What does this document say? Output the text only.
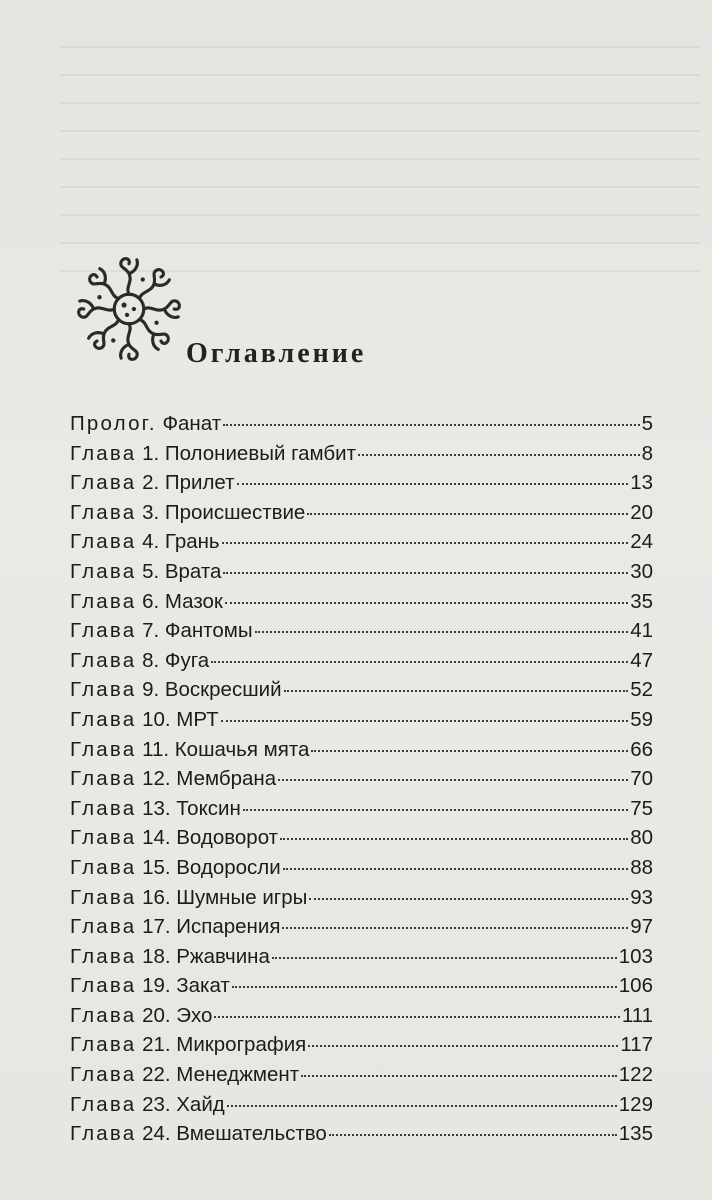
Оглавление
Пролог. Фанат	5
Глава 1. Полониевый гамбит	8
Глава 2. Прилет	13
Глава 3. Происшествие	20
Глава 4. Грань	24
Глава 5. Врата	30
Глава 6. Мазок	35
Глава 7. Фантомы	41
Глава 8. Фуга	47
Глава 9. Воскресший	52
Глава 10. МРТ	59
Глава 11. Кошачья мята	66
Глава 12. Мембрана	70
Глава 13. Токсин	75
Глава 14. Водоворот	80
Глава 15. Водоросли	88
Глава 16. Шумные игры	93
Глава 17. Испарения	97
Глава 18. Ржавчина	103
Глава 19. Закат	106
Глава 20. Эхо	111
Глава 21. Микрография	117
Глава 22. Менеджмент	122
Глава 23. Хайд	129
Глава 24. Вмешательство	135
